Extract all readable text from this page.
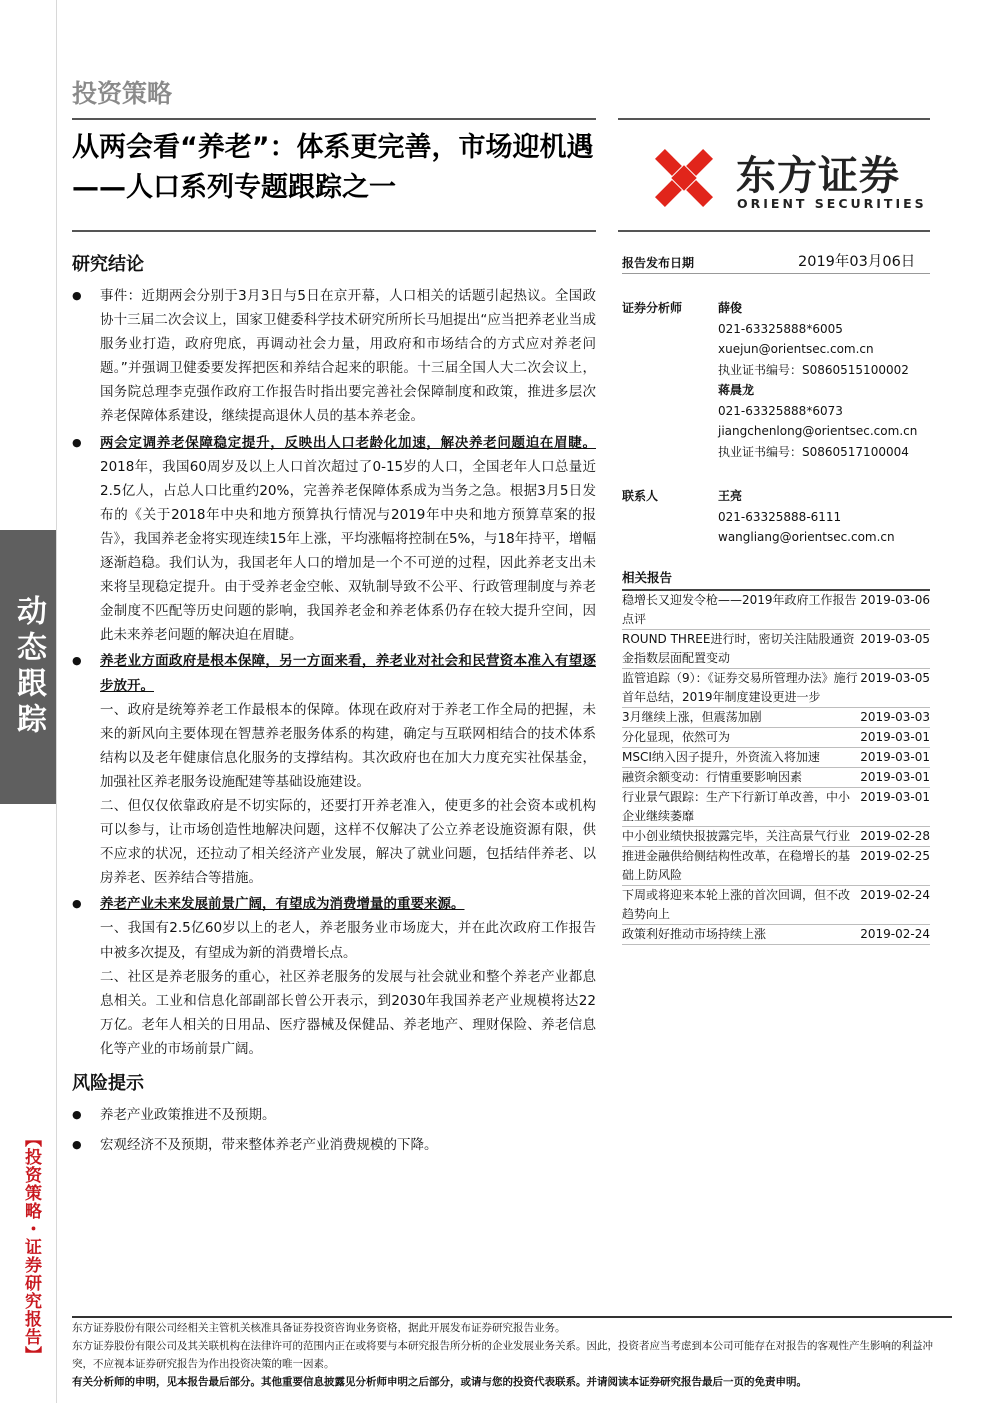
动态跟踪
【投资策略・证券研究报告】
投资策略
从两会看“养老”：体系更完善，市场迎机遇——人口系列专题跟踪之一	东方证券
ORIENT SECURITIES
研究结论

● 事件：近期两会分别于3月3日与5日在京开幕，人口相关的话题引起热议。全国政协十三届二次会议上，国家卫健委科学技术研究所所长马旭提出“应当把养老业当成服务业打造，政府兜底，再调动社会力量，用政府和市场结合的方式应对养老问题。”并强调卫健委要发挥把医和养结合起来的职能。十三届全国人大二次会议上，国务院总理李克强作政府工作报告时指出要完善社会保障制度和政策，推进多层次养老保障体系建设，继续提高退休人员的基本养老金。

● 两会定调养老保障稳定提升，反映出人口老龄化加速，解决养老问题迫在眉睫。2018年，我国60周岁及以上人口首次超过了0-15岁的人口，全国老年人口总量近2.5亿人，占总人口比重约20%，完善养老保障体系成为当务之急。根据3月5日发布的《关于2018年中央和地方预算执行情况与2019年中央和地方预算草案的报告》，我国养老金将实现连续15年上涨，平均涨幅将控制在5%，与18年持平，增幅逐渐趋稳。我们认为，我国老年人口的增加是一个不可逆的过程，因此养老支出未来将呈现稳定提升。由于受养老金空帐、双轨制导致不公平、行政管理制度与养老金制度不匹配等历史问题的影响，我国养老金和养老体系仍存在较大提升空间，因此未来养老问题的解决迫在眉睫。

● 养老业方面政府是根本保障，另一方面来看，养老业对社会和民营资本准入有望逐步放开。

一、政府是统筹养老工作最根本的保障。体现在政府对于养老工作全局的把握，未来的新风向主要体现在智慧养老服务体系的构建，确定与互联网相结合的技术体系结构以及老年健康信息化服务的支撑结构。其次政府也在加大力度充实社保基金，加强社区养老服务设施配建等基础设施建设。

二、但仅仅依靠政府是不切实际的，还要打开养老准入，使更多的社会资本或机构可以参与，让市场创造性地解决问题，这样不仅解决了公立养老设施资源有限，供不应求的状况，还拉动了相关经济产业发展，解决了就业问题，包括结伴养老、以房养老、医养结合等措施。

● 养老产业未来发展前景广阔，有望成为消费增量的重要来源。

一、我国有2.5亿60岁以上的老人，养老服务业市场庞大，并在此次政府工作报告中被多次提及，有望成为新的消费增长点。

二、社区是养老服务的重心，社区养老服务的发展与社会就业和整个养老产业都息息相关。工业和信息化部副部长曾公开表示，到2030年我国养老产业规模将达22万亿。老年人相关的日用品、医疗器械及保健品、养老地产、理财保险、养老信息化等产业的市场前景广阔。

风险提示

● 养老产业政策推进不及预期。

● 宏观经济不及预期，带来整体养老产业消费规模的下降。

报告发布日期	2019年03月06日
证券分析师	薛俊
021-63325888*6005
xuejun@orientsec.com.cn
执业证书编号：S0860515100002
蒋晨龙
021-63325888*6073
jiangchenlong@orientsec.com.cn
执业证书编号：S0860517100004
联系人	王亮
021-63325888-6111
wangliang@orientsec.com.cn
相关报告
稳增长又迎发令枪——2019年政府工作报告点评
2019-03-06
ROUND THREE进行时，密切关注陆股通资金指数层面配置变动
2019-03-05
监管追踪（9）：《证券交易所管理办法》施行首年总结，2019年制度建设更进一步
2019-03-05
3月继续上涨，但震荡加剧	2019-03-03
分化显现，依然可为	2019-03-01
MSCI纳入因子提升，外资流入将加速	2019-03-01
融资余额变动：行情重要影响因素	2019-03-01
行业景气跟踪：生产下行新订单改善，中小企业继续萎靡
2019-03-01
中小创业绩快报披露完毕，关注高景气行业 2019-02-28
推进金融供给侧结构性改革，在稳增长的基础上防风险
2019-02-25
下周或将迎来本轮上涨的首次回调，但不改趋势向上
2019-02-24
政策利好推动市场持续上涨	2019-02-24
东方证券股份有限公司经相关主管机关核准具备证券投资咨询业务资格，据此开展发布证券研究报告业务。
东方证券股份有限公司及其关联机构在法律许可的范围内正在或将要与本研究报告所分析的企业发展业务关系。因此，投资者应当考虑到本公司可能存在对报告的客观性产生影响的利益冲突，不应视本证券研究报告为作出投资决策的唯一因素。
有关分析师的申明，见本报告最后部分。其他重要信息披露见分析师申明之后部分，或请与您的投资代表联系。并请阅读本证券研究报告最后一页的免责申明。
